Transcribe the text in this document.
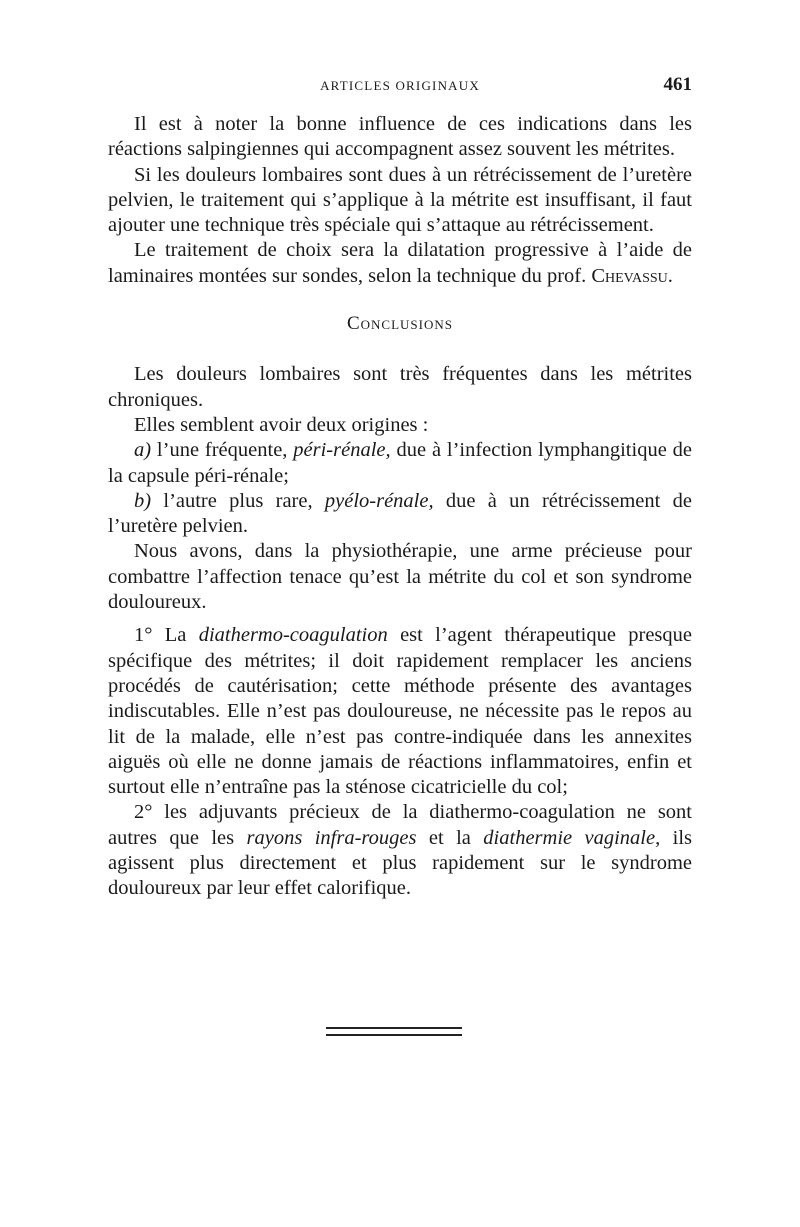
ARTICLES ORIGINAUX	461

Il est à noter la bonne influence de ces indications dans les réactions salpingiennes qui accompagnent assez souvent les métrites.

Si les douleurs lombaires sont dues à un rétrécissement de l’uretère pelvien, le traitement qui s’applique à la métrite est insuffisant, il faut ajouter une technique très spéciale qui s’attaque au rétrécissement.

Le traitement de choix sera la dilatation progressive à l’aide de laminaires montées sur sondes, selon la technique du prof. Chevassu.

Conclusions

Les douleurs lombaires sont très fréquentes dans les métrites chroniques.

Elles semblent avoir deux origines :

a) l’une fréquente, péri-rénale, due à l’infection lymphangitique de la capsule péri-rénale;

b) l’autre plus rare, pyélo-rénale, due à un rétrécissement de l’uretère pelvien.

Nous avons, dans la physiothérapie, une arme précieuse pour combattre l’affection tenace qu’est la métrite du col et son syndrome douloureux.

1° La diathermo-coagulation est l’agent thérapeutique presque spécifique des métrites; il doit rapidement remplacer les anciens procédés de cautérisation; cette méthode présente des avantages indiscutables. Elle n’est pas douloureuse, ne nécessite pas le repos au lit de la malade, elle n’est pas contre-indiquée dans les annexites aiguës où elle ne donne jamais de réactions inflammatoires, enfin et surtout elle n’entraîne pas la sténose cicatricielle du col;

2° les adjuvants précieux de la diathermo-coagulation ne sont autres que les rayons infra-rouges et la diathermie vaginale, ils agissent plus directement et plus rapidement sur le syndrome douloureux par leur effet calorifique.
